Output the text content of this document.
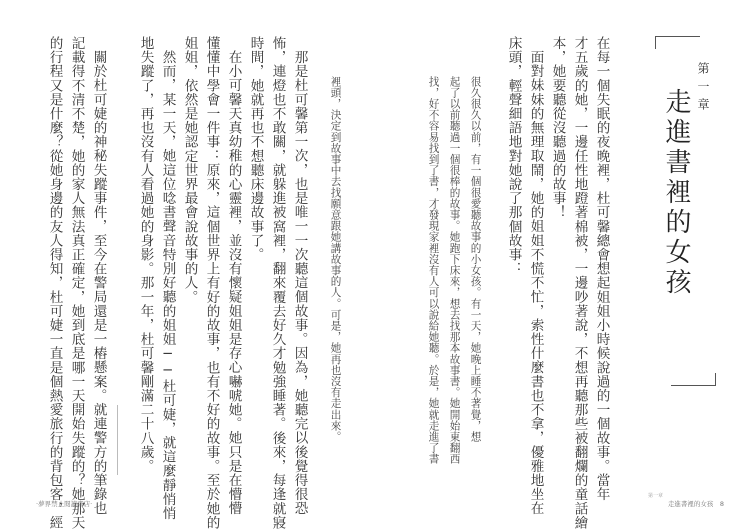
第一章
走進書裡的女孩
在每一個失眠的夜晚裡，杜可馨總會想起姐姐小時候說過的一個故事。當年
才五歲的她，一邊任性地蹬著棉被，一邊吵著說，不想再聽那些被翻爛的童話繪
本，她要聽從沒聽過的故事！
面對妹妹的無理取鬧，她的姐姐不慌不忙，索性什麼書也不拿，優雅地坐在
床頭，輕聲細語地對她說了那個故事：
很久很久以前，有一個很愛聽故事的小女孩。有一天，她晚上睡不著覺，想
起了以前聽過一個很棒的故事。她跑下床來，想去找那本故事書。她開始東翻西
找，好不容易找到了書，才發現家裡沒有人可以說給她聽。於是，她就走進了書
裡頭，決定到故事中去找願意跟她講故事的人。可是，她再也沒有走出來。
那是杜可馨第一次，也是唯一一次聽這個故事。因為，她聽完以後覺得很恐
怖，連燈也不敢關，就躲進被窩裡，翻來覆去好久才勉強睡著。後來，每逢就寢
時間，她就再也不想聽床邊故事了。
在小可馨天真幼稚的心靈裡，並沒有懷疑姐姐是存心嚇唬她。她只是在懵懵
懂懂中學會一件事：原來，這個世界上有好的故事，也有不好的故事。至於她的
姐姐，依然是她認定世界最會說故事的人。
然而，某一天，她這位唸書聲音特別好聽的姐姐──杜可婕，就這麼靜悄悄
地失蹤了，再也沒有人看過她的身影。那一年，杜可馨剛滿二十八歲。
關於杜可婕的神秘失蹤事件，至今在警局還是一樁懸案。就連警方的筆錄也
記載得不清不楚，她的家人無法真正確定，她到底是哪一天開始失蹤的？她那天
的行程又是什麼？從她身邊的友人得知，杜可婕一直是個熱愛旅行的背包客，經
‧夢界禁止閱讀書店‧
第一章
走進書裡的女孩　8
